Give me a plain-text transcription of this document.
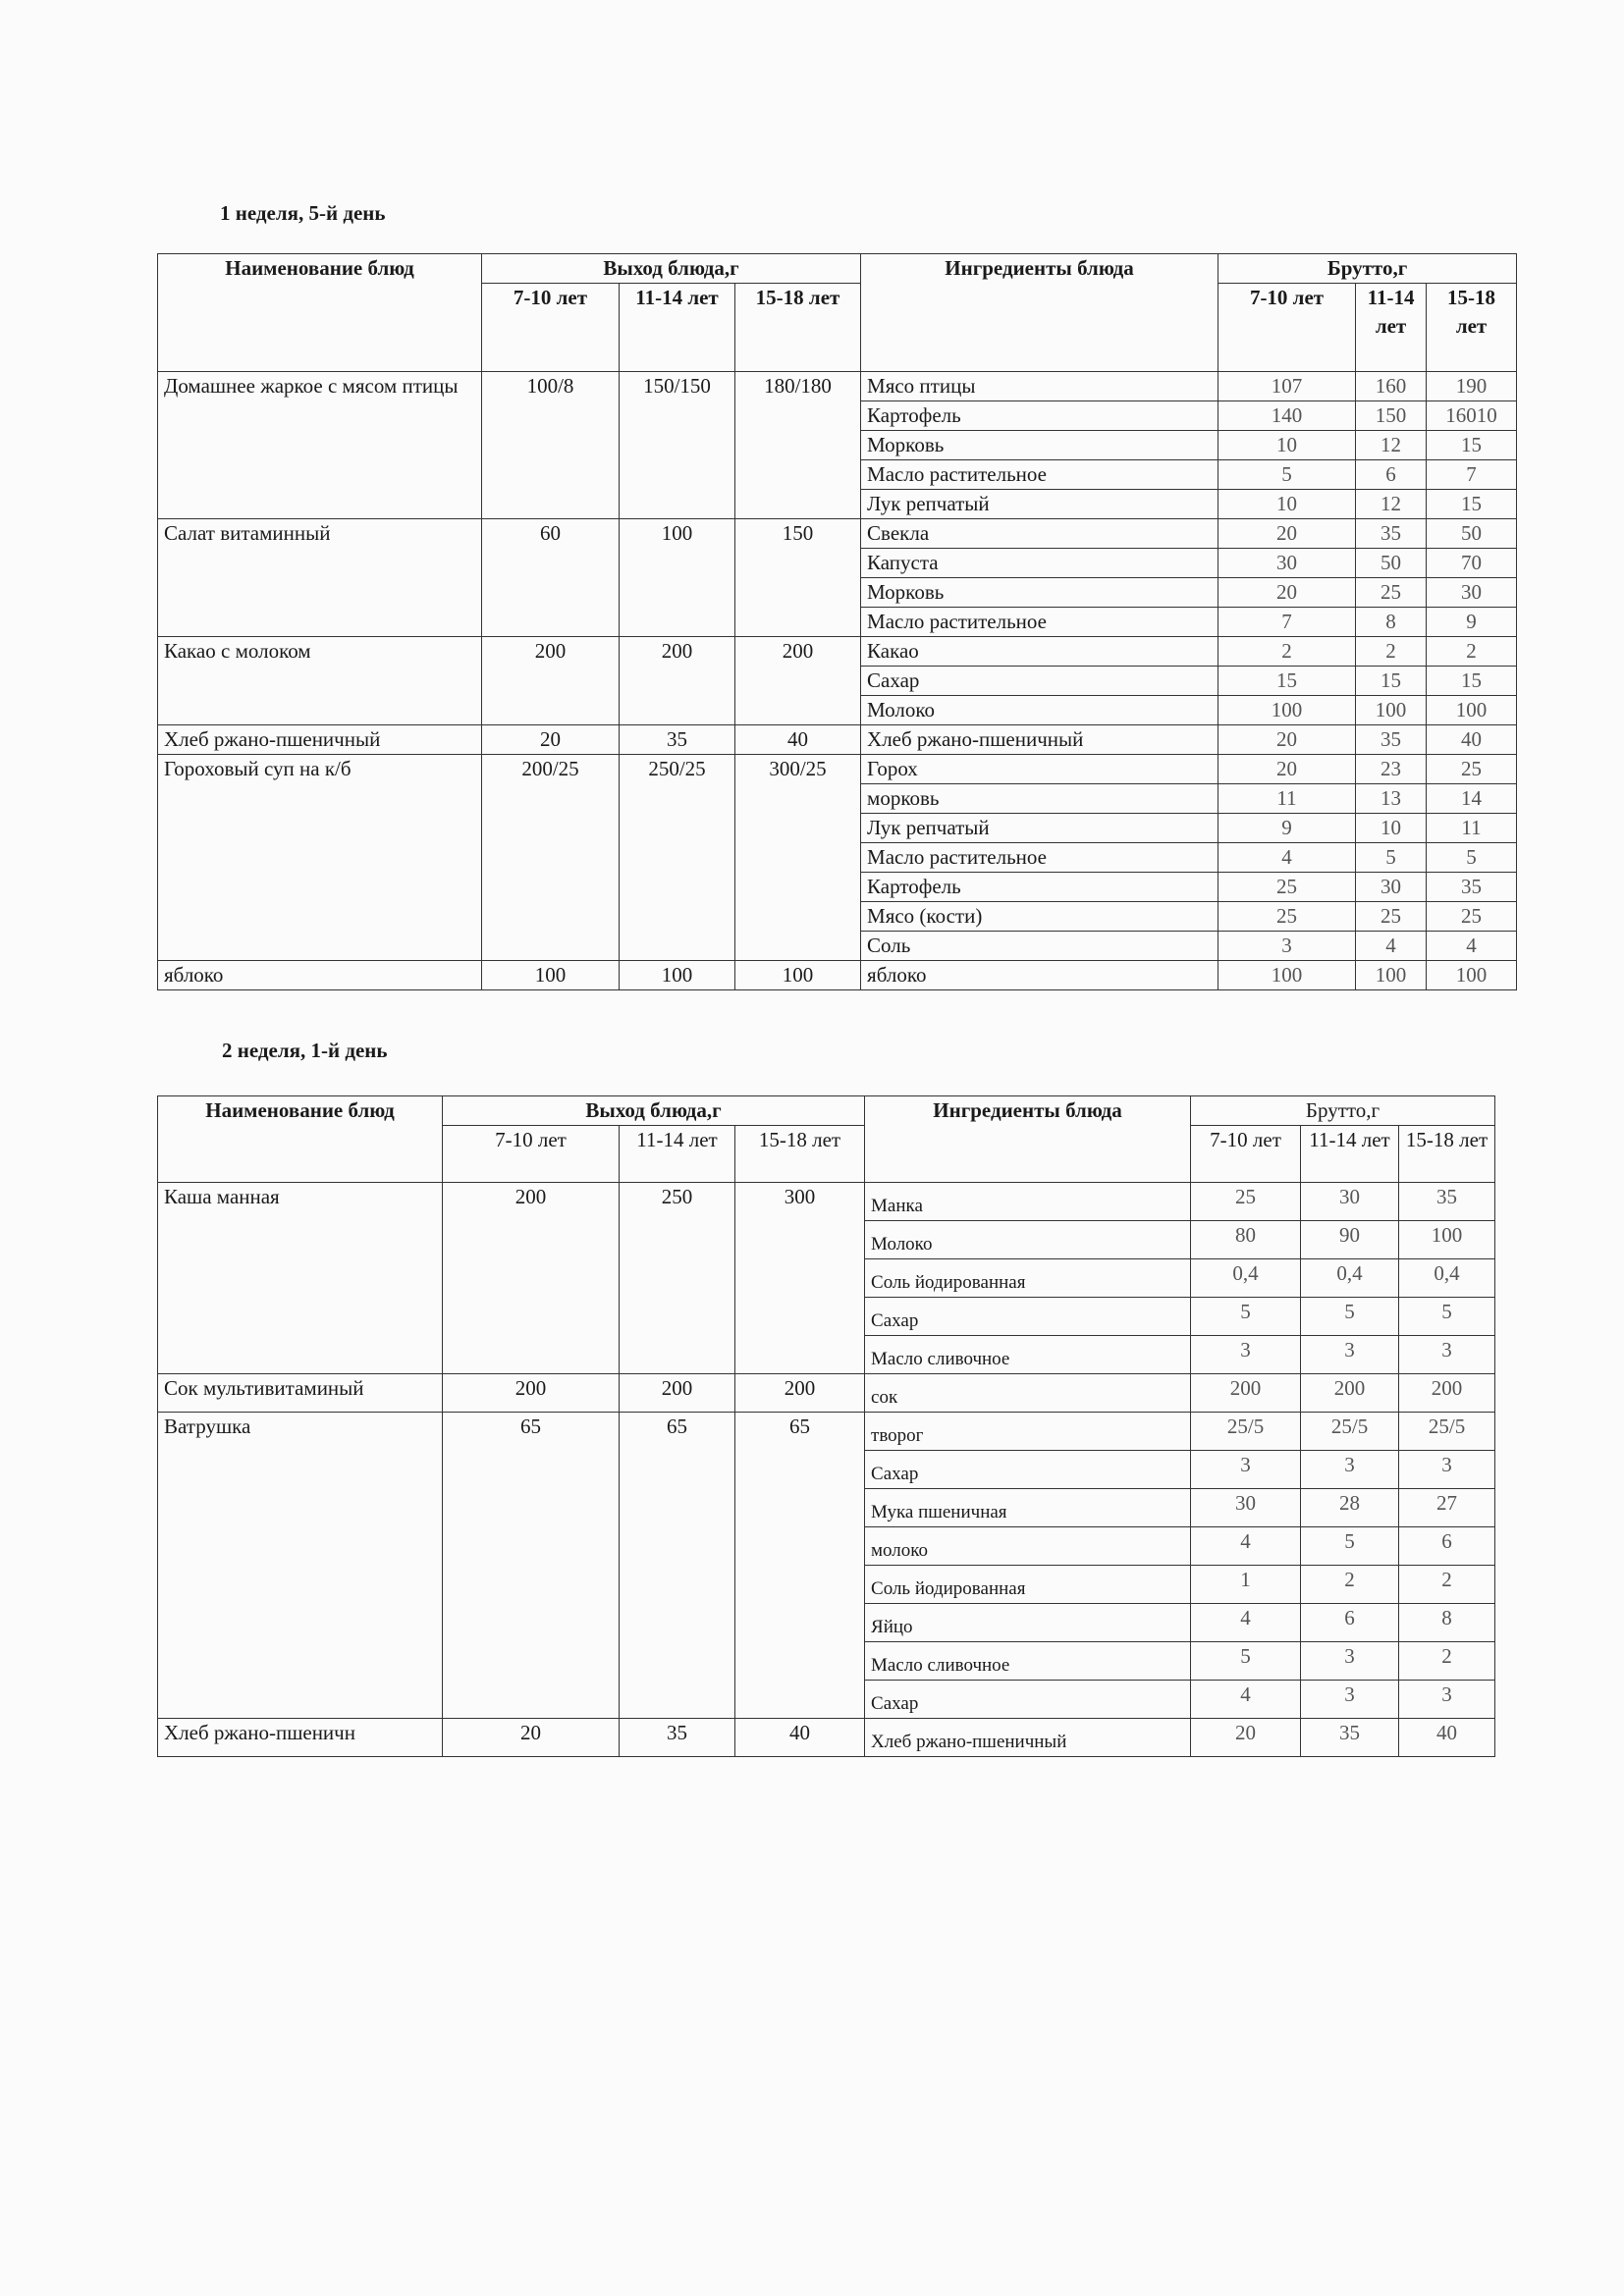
1 неделя, 5-й день
Наименование блюд	Выход блюда,г			Ингредиенты блюда	Брутто,г		
	7-10 лет	11-14 лет	15-18 лет		7-10 лет	11-14 лет	15-18 лет
Домашнее жаркое с мясом птицы	100/8	150/150	180/180	Мясо птицы	107	160	190
				Картофель	140	150	16010
				Морковь	10	12	15
				Масло растительное	5	6	7
				Лук репчатый	10	12	15
Салат витаминный	60	100	150	Свекла	20	35	50
				Капуста	30	50	70
				Морковь	20	25	30
				Масло растительное	7	8	9
Какао с молоком	200	200	200	Какао	2	2	2
				Сахар	15	15	15
				Молоко	100	100	100
Хлеб ржано-пшеничный	20	35	40	Хлеб ржано-пшеничный	20	35	40
Гороховый суп на к/б	200/25	250/25	300/25	Горох	20	23	25
				морковь	11	13	14
				Лук репчатый	9	10	11
				Масло растительное	4	5	5
				Картофель	25	30	35
				Мясо (кости)	25	25	25
				Соль	3	4	4
яблоко	100	100	100	яблоко	100	100	100
2 неделя, 1-й день
Наименование блюд	Выход блюда,г			Ингредиенты блюда	Брутто,г		
	7-10 лет	11-14 лет	15-18 лет		7-10 лет	11-14 лет	15-18 лет
Каша манная	200	250	300	Манка	25	30	35
				Молоко	80	90	100
				Соль йодированная	0,4	0,4	0,4
				Сахар	5	5	5
				Масло сливочное	3	3	3
Сок мультивитаминый	200	200	200	сок	200	200	200
Ватрушка	65	65	65	творог	25/5	25/5	25/5
				Сахар	3	3	3
				Мука пшеничная	30	28	27
				молоко	4	5	6
				Соль йодированная	1	2	2
				Яйцо	4	6	8
				Масло сливочное	5	3	2
				Сахар	4	3	3
Хлеб ржано-пшеничн	20	35	40	Хлеб ржано-пшеничный	20	35	40
